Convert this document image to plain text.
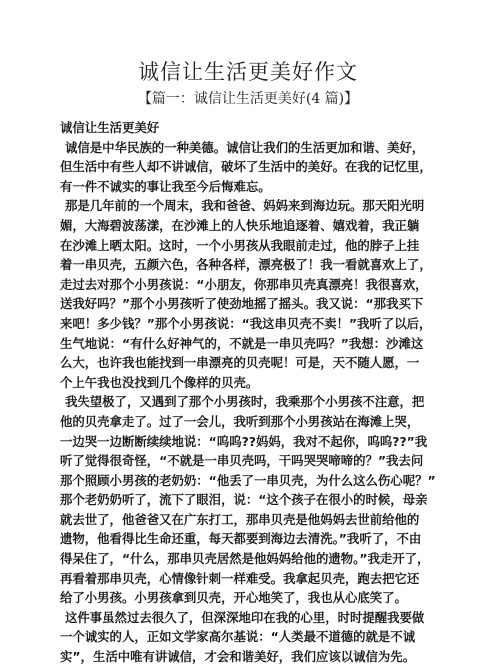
诚信让生活更美好作文
【篇一：诚信让生活更美好(4 篇)】
诚信让生活更美好
诚信是中华民族的一种美德。诚信让我们的生活更加和谐、美好，
但生活中有些人却不讲诚信，破坏了生活中的美好。在我的记忆里，
有一件不诚实的事让我至今后悔难忘。
那是几年前的一个周末，我和爸爸、妈妈来到海边玩。那天阳光明
媚，大海碧波荡漾，在沙滩上的人快乐地追逐着、嬉戏着，我正躺
在沙滩上晒太阳。这时，一个小男孩从我眼前走过，他的脖子上挂
着一串贝壳，五颜六色，各种各样，漂亮极了！我一看就喜欢上了，
走过去对那个小男孩说：“小朋友，你那串贝壳真漂亮！我很喜欢，
送我好吗？”那个小男孩听了使劲地摇了摇头。我又说：“那我买下
来吧！多少钱？”那个小男孩说：“我这串贝壳不卖！”我听了以后，
生气地说：“有什么好神气的，不就是一串贝壳吗？”我想：沙滩这
么大，也许我也能找到一串漂亮的贝壳呢！可是，天不随人愿，一
个上午我也没找到几个像样的贝壳。
我失望极了，又遇到了那个小男孩时，我乘那个小男孩不注意，把
他的贝壳拿走了。过了一会儿，我听到那个小男孩站在海滩上哭，
一边哭一边断断续续地说：“呜呜??妈妈，我对不起你，呜呜??”我
听了觉得很奇怪，“不就是一串贝壳吗，干吗哭哭啼啼的？”我去问
那个照顾小男孩的老奶奶：“他丢了一串贝壳，为什么这么伤心呢？”
那个老奶奶听了，流下了眼泪，说：“这个孩子在很小的时候，母亲
就去世了，他爸爸又在广东打工，那串贝壳是他妈妈去世前给他的
遗物，他看得比生命还重，每天都要到海边去清洗。”我听了，不由
得呆住了，“什么，那串贝壳居然是他妈妈给他的遗物。”我走开了，
再看着那串贝壳，心情像针刺一样难受。我拿起贝壳，跑去把它还
给了小男孩。小男孩拿到贝壳，开心地笑了，我也从心底笑了。
这件事虽然过去很久了，但深深地印在我的心里，时时提醒我要做
一个诚实的人，正如文学家高尔基说：“人类最不道德的就是不诚
实”，生活中唯有讲诚信，才会和谐美好，我们应该以诚信为先。
